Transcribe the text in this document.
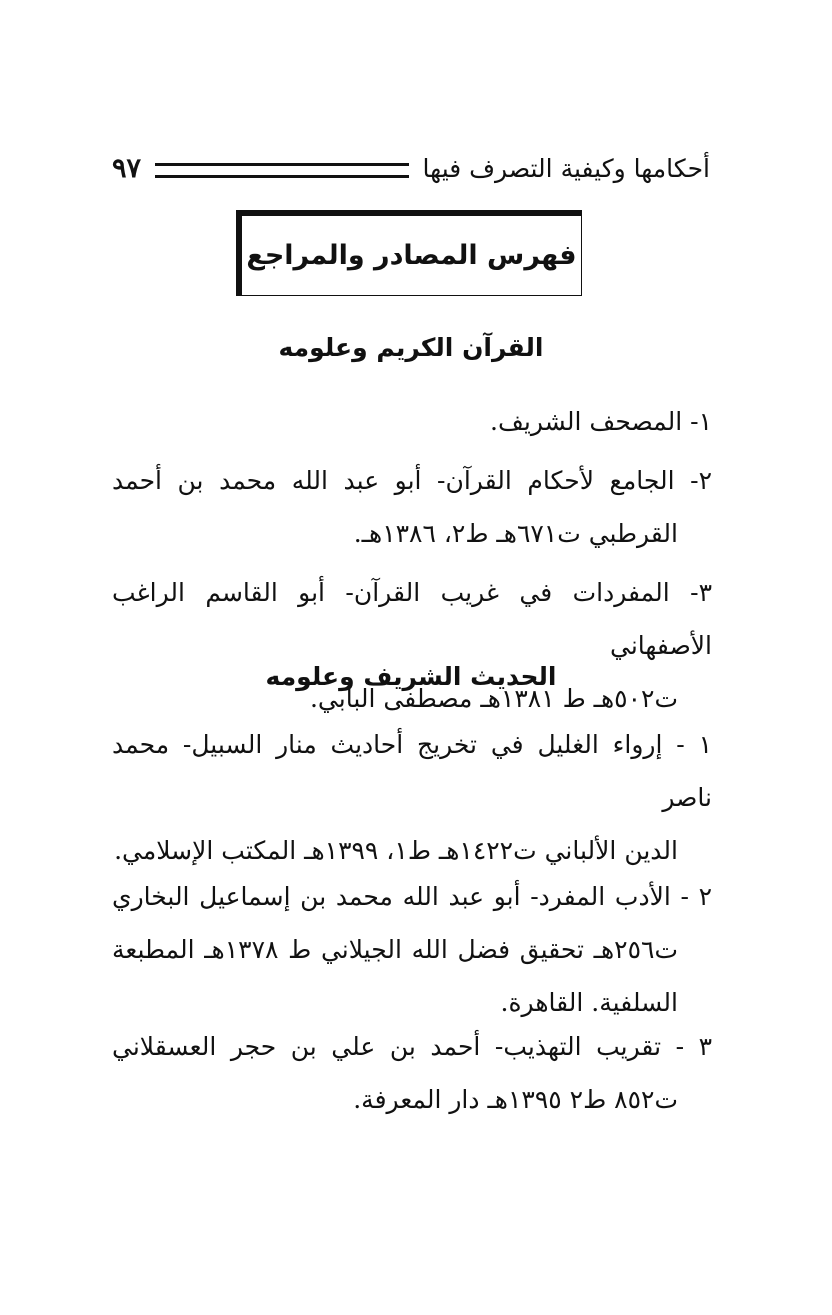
أحكامها وكيفية التصرف فيها
٩٧
فهرس المصادر والمراجع
القرآن الكريم وعلومه
١- المصحف الشريف.
٢- الجامع لأحكام القرآن- أبو عبد الله محمد بن أحمد
القرطبي ت٦٧١هـ ط٢، ١٣٨٦هـ.
٣- المفردات في غريب القرآن- أبو القاسم الراغب الأصفهاني
ت٥٠٢هـ ط ١٣٨١هـ مصطفى البابي.
الحديث الشريف وعلومه
١ - إرواء الغليل في تخريج أحاديث منار السبيل- محمد ناصر
الدين الألباني ت١٤٢٢هـ ط١، ١٣٩٩هـ المكتب الإسلامي.
٢ - الأدب المفرد- أبو عبد الله محمد بن إسماعيل البخاري
ت٢٥٦هـ تحقيق فضل الله الجيلاني ط ١٣٧٨هـ المطبعة السلفية. القاهرة.
٣ - تقريب التهذيب- أحمد بن علي بن حجر العسقلاني
ت٨٥٢ ط٢ ١٣٩٥هـ دار المعرفة.
